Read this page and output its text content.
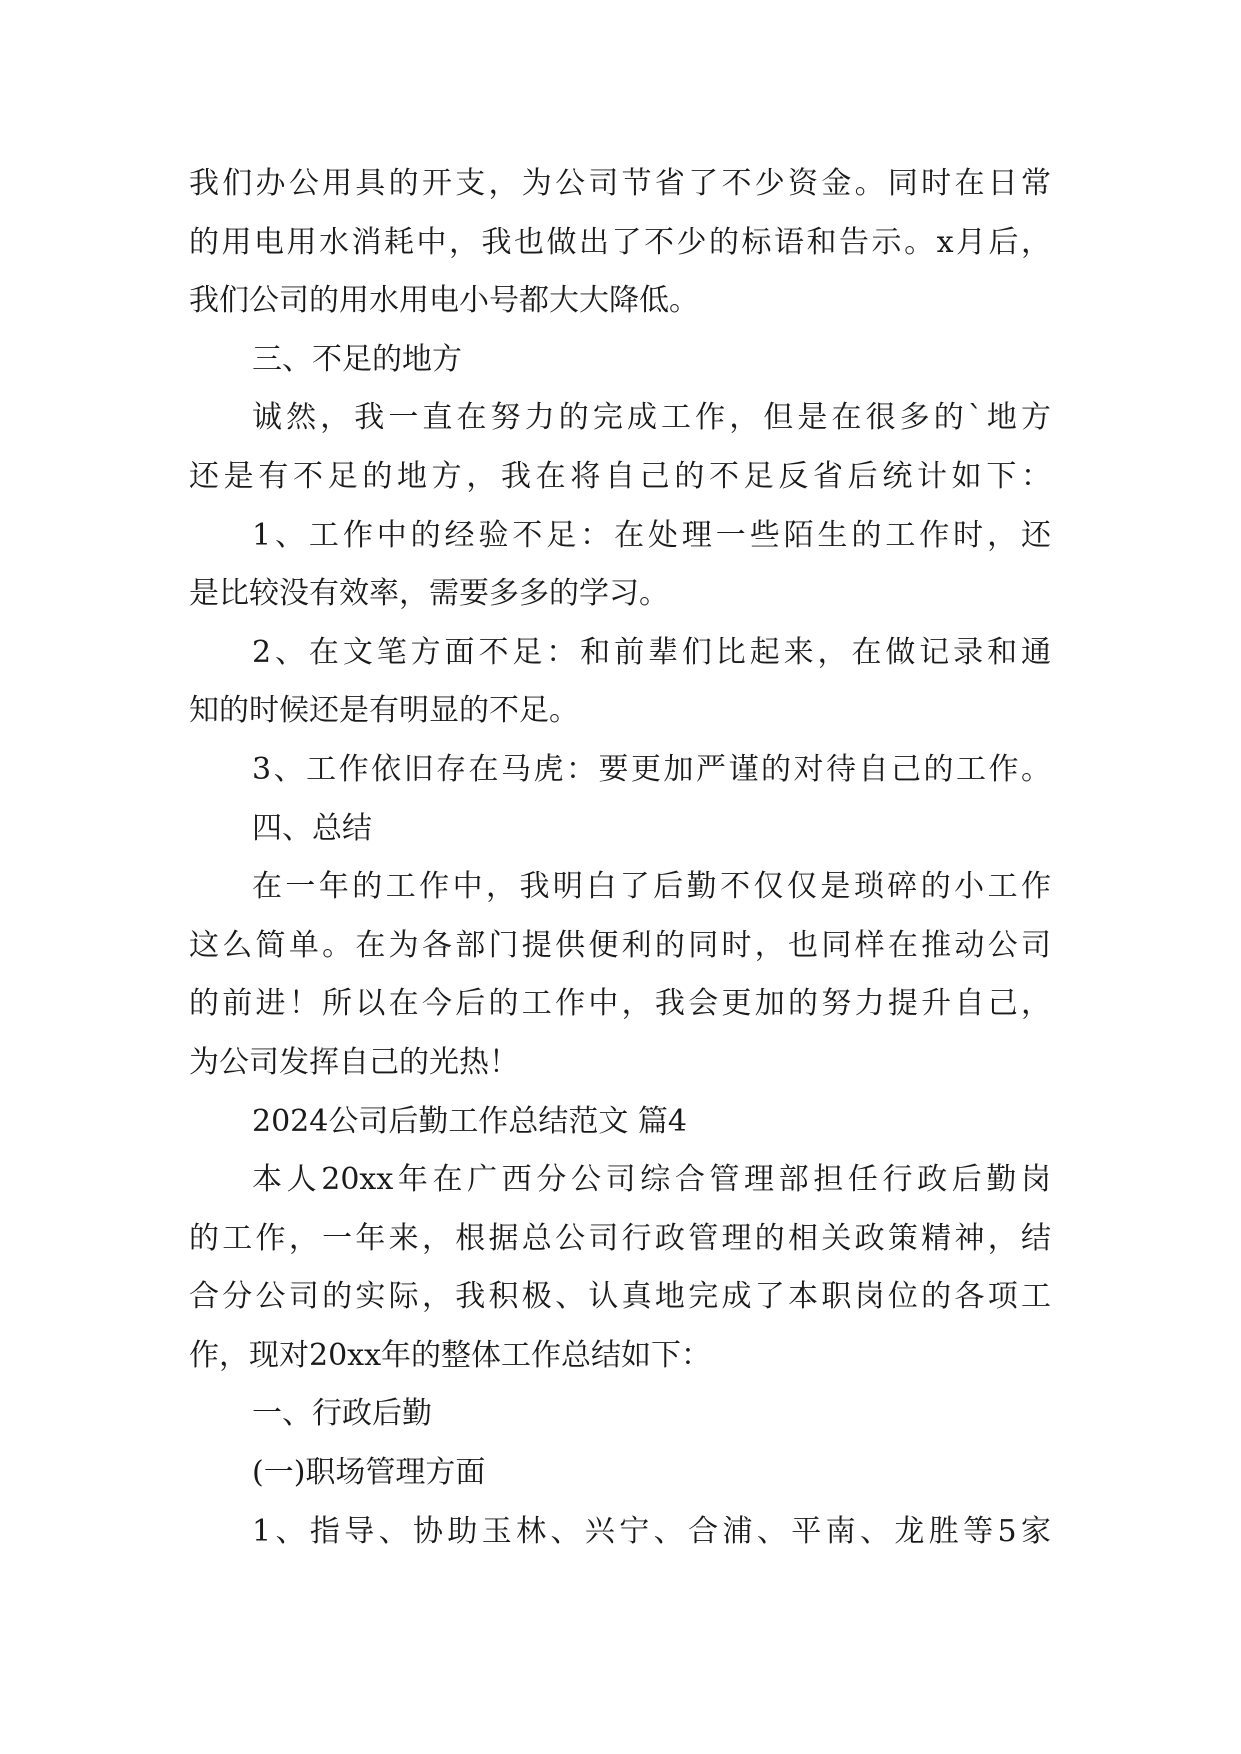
我们办公用具的开支，为公司节省了不少资金。同时在日常
的用电用水消耗中，我也做出了不少的标语和告示。x月后，
我们公司的用水用电小号都大大降低。
三、不足的地方
诚然，我一直在努力的完成工作，但是在很多的`地方
还是有不足的地方，我在将自己的不足反省后统计如下：
1、工作中的经验不足：在处理一些陌生的工作时，还
是比较没有效率，需要多多的学习。
2、在文笔方面不足：和前辈们比起来，在做记录和通
知的时候还是有明显的不足。
3、工作依旧存在马虎：要更加严谨的对待自己的工作。
四、总结
在一年的工作中，我明白了后勤不仅仅是琐碎的小工作
这么简单。在为各部门提供便利的同时，也同样在推动公司
的前进！所以在今后的工作中，我会更加的努力提升自己，
为公司发挥自己的光热！
2024公司后勤工作总结范文 篇4
本人20xx年在广西分公司综合管理部担任行政后勤岗
的工作，一年来，根据总公司行政管理的相关政策精神，结
合分公司的实际，我积极、认真地完成了本职岗位的各项工
作，现对20xx年的整体工作总结如下：
一、行政后勤
(一)职场管理方面
1、指导、协助玉林、兴宁、合浦、平南、龙胜等5家
